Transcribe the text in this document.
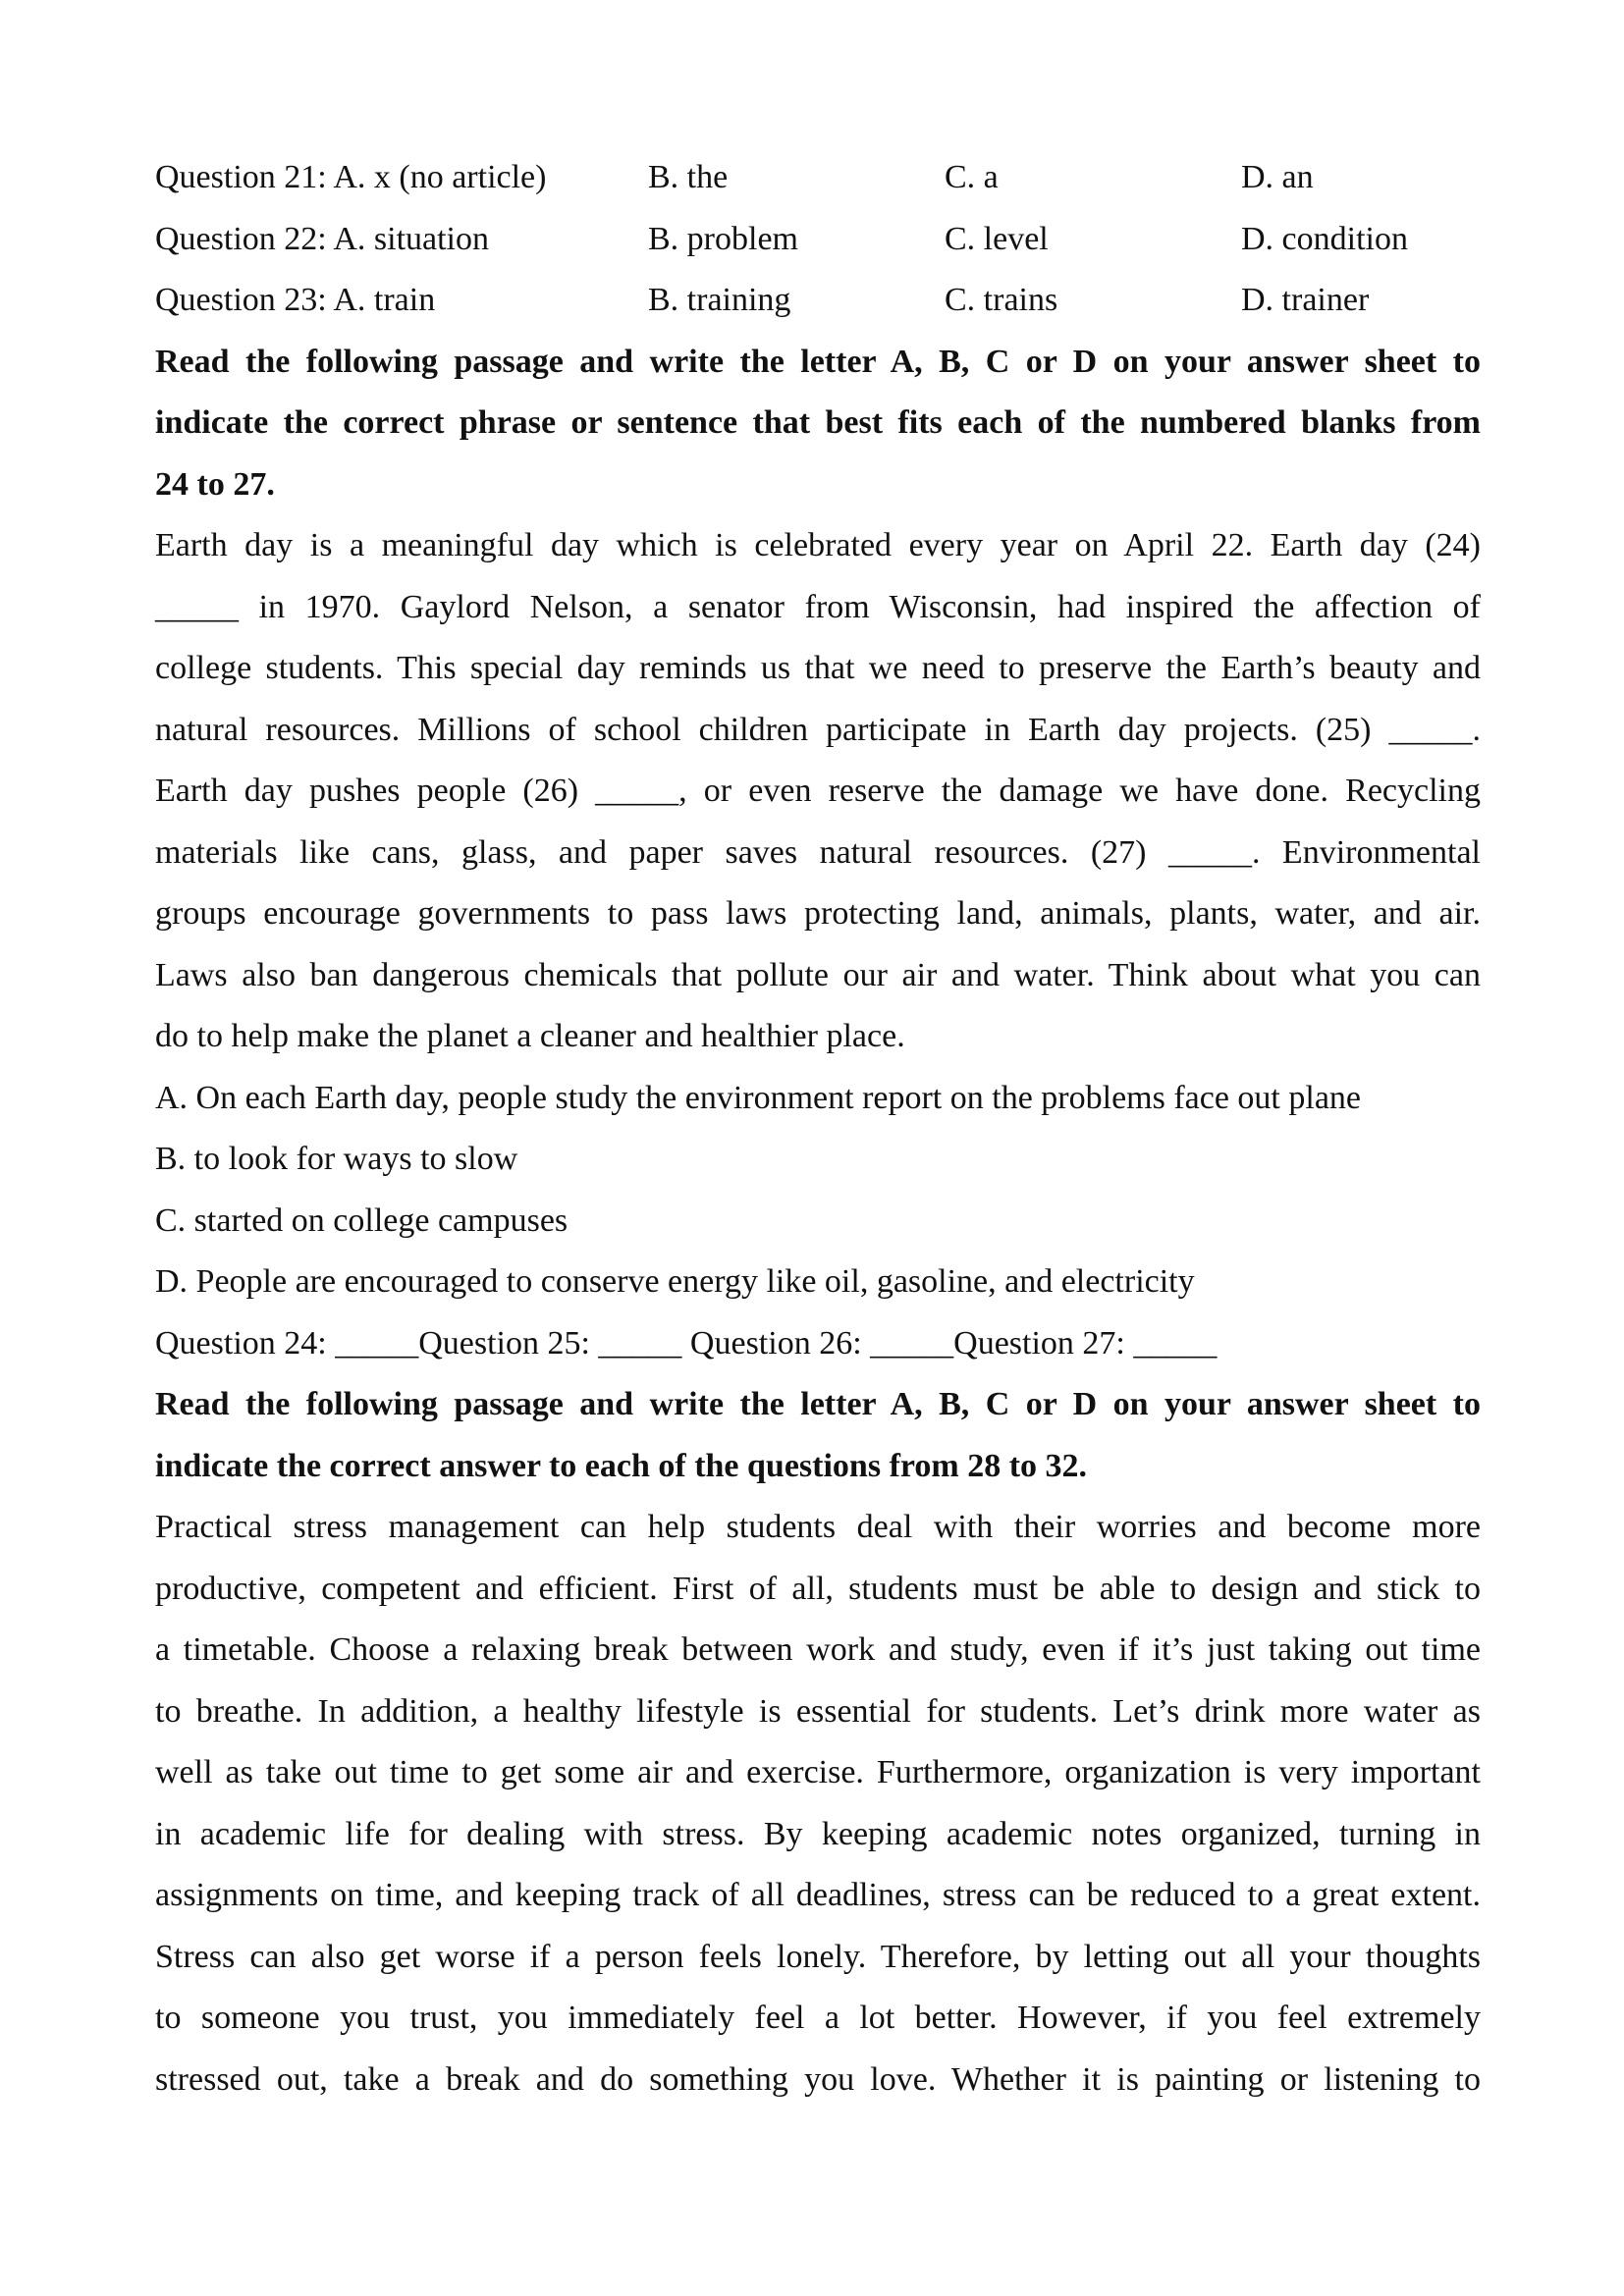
Question 21: A. x (no article)	B. the	C. a	D. an
Question 22: A. situation	B. problem	C. level	D. condition
Question 23: A. train	B. training	C. trains	D. trainer
Read the following passage and write the letter A, B, C or D on your answer sheet to
indicate the correct phrase or sentence that best fits each of the numbered blanks from
24 to 27.
Earth day is a meaningful day which is celebrated every year on April 22. Earth day (24)
_____ in 1970. Gaylord Nelson, a senator from Wisconsin, had inspired the affection of
college students. This special day reminds us that we need to preserve the Earth’s beauty and
natural resources. Millions of school children participate in Earth day projects. (25) _____.
Earth day pushes people (26) _____, or even reserve the damage we have done. Recycling
materials like cans, glass, and paper saves natural resources. (27) _____. Environmental
groups encourage governments to pass laws protecting land, animals, plants, water, and air.
Laws also ban dangerous chemicals that pollute our air and water. Think about what you can
do to help make the planet a cleaner and healthier place.
A. On each Earth day, people study the environment report on the problems face out plane
B. to look for ways to slow
C. started on college campuses
D. People are encouraged to conserve energy like oil, gasoline, and electricity
Question 24: _____Question 25: _____ Question 26: _____Question 27: _____
Read the following passage and write the letter A, B, C or D on your answer sheet to
indicate the correct answer to each of the questions from 28 to 32.
Practical stress management can help students deal with their worries and become more
productive, competent and efficient. First of all, students must be able to design and stick to
a timetable. Choose a relaxing break between work and study, even if it’s just taking out time
to breathe. In addition, a healthy lifestyle is essential for students. Let’s drink more water as
well as take out time to get some air and exercise. Furthermore, organization is very important
in academic life for dealing with stress. By keeping academic notes organized, turning in
assignments on time, and keeping track of all deadlines, stress can be reduced to a great extent.
Stress can also get worse if a person feels lonely. Therefore, by letting out all your thoughts
to someone you trust, you immediately feel a lot better. However, if you feel extremely
stressed out, take a break and do something you love. Whether it is painting or listening to
